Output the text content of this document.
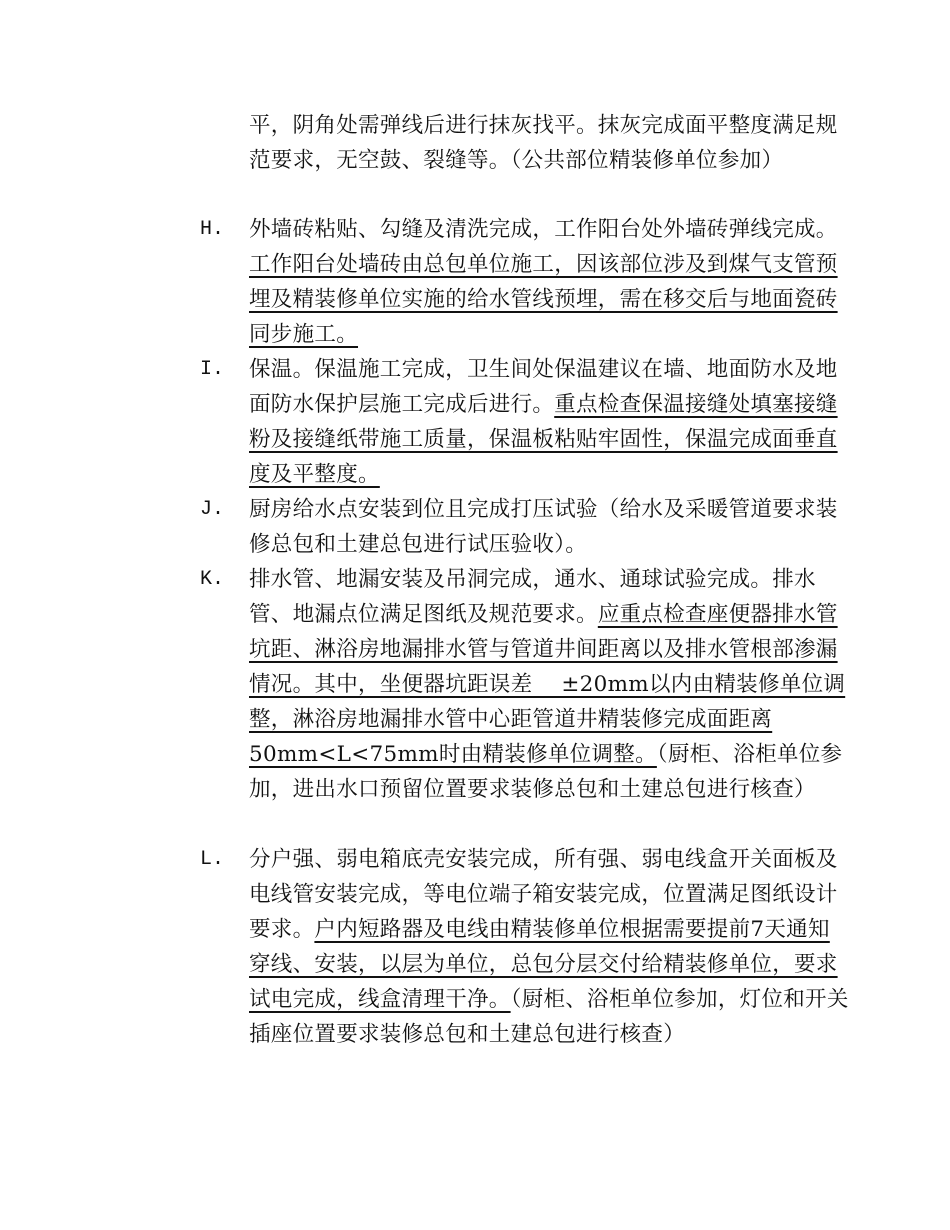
平，阴角处需弹线后进行抹灰找平。抹灰完成面平整度满足规范要求，无空鼓、裂缝等。（公共部位精装修单位参加）
H. 外墙砖粘贴、勾缝及清洗完成，工作阳台处外墙砖弹线完成。工作阳台处墙砖由总包单位施工，因该部位涉及到煤气支管预埋及精装修单位实施的给水管线预埋，需在移交后与地面瓷砖同步施工。
I. 保温。保温施工完成，卫生间处保温建议在墙、地面防水及地面防水保护层施工完成后进行。重点检查保温接缝处填塞接缝粉及接缝纸带施工质量，保温板粘贴牢固性，保温完成面垂直度及平整度。
J. 厨房给水点安装到位且完成打压试验（给水及采暖管道要求装修总包和土建总包进行试压验收）。
K. 排水管、地漏安装及吊洞完成，通水、通球试验完成。排水管、地漏点位满足图纸及规范要求。应重点检查座便器排水管坑距、淋浴房地漏排水管与管道井间距离以及排水管根部渗漏情况。其中，坐便器坑距误差　 ±20mm以内由精装修单位调整，淋浴房地漏排水管中心距管道井精装修完成面距离50mm<L<75mm时由精装修单位调整。（厨柜、浴柜单位参加，进出水口预留位置要求装修总包和土建总包进行核查）
L. 分户强、弱电箱底壳安装完成，所有强、弱电线盒开关面板及电线管安装完成，等电位端子箱安装完成，位置满足图纸设计要求。户内短路器及电线由精装修单位根据需要提前7天通知穿线、安装，以层为单位，总包分层交付给精装修单位，要求试电完成，线盒清理干净。（厨柜、浴柜单位参加，灯位和开关插座位置要求装修总包和土建总包进行核查）
